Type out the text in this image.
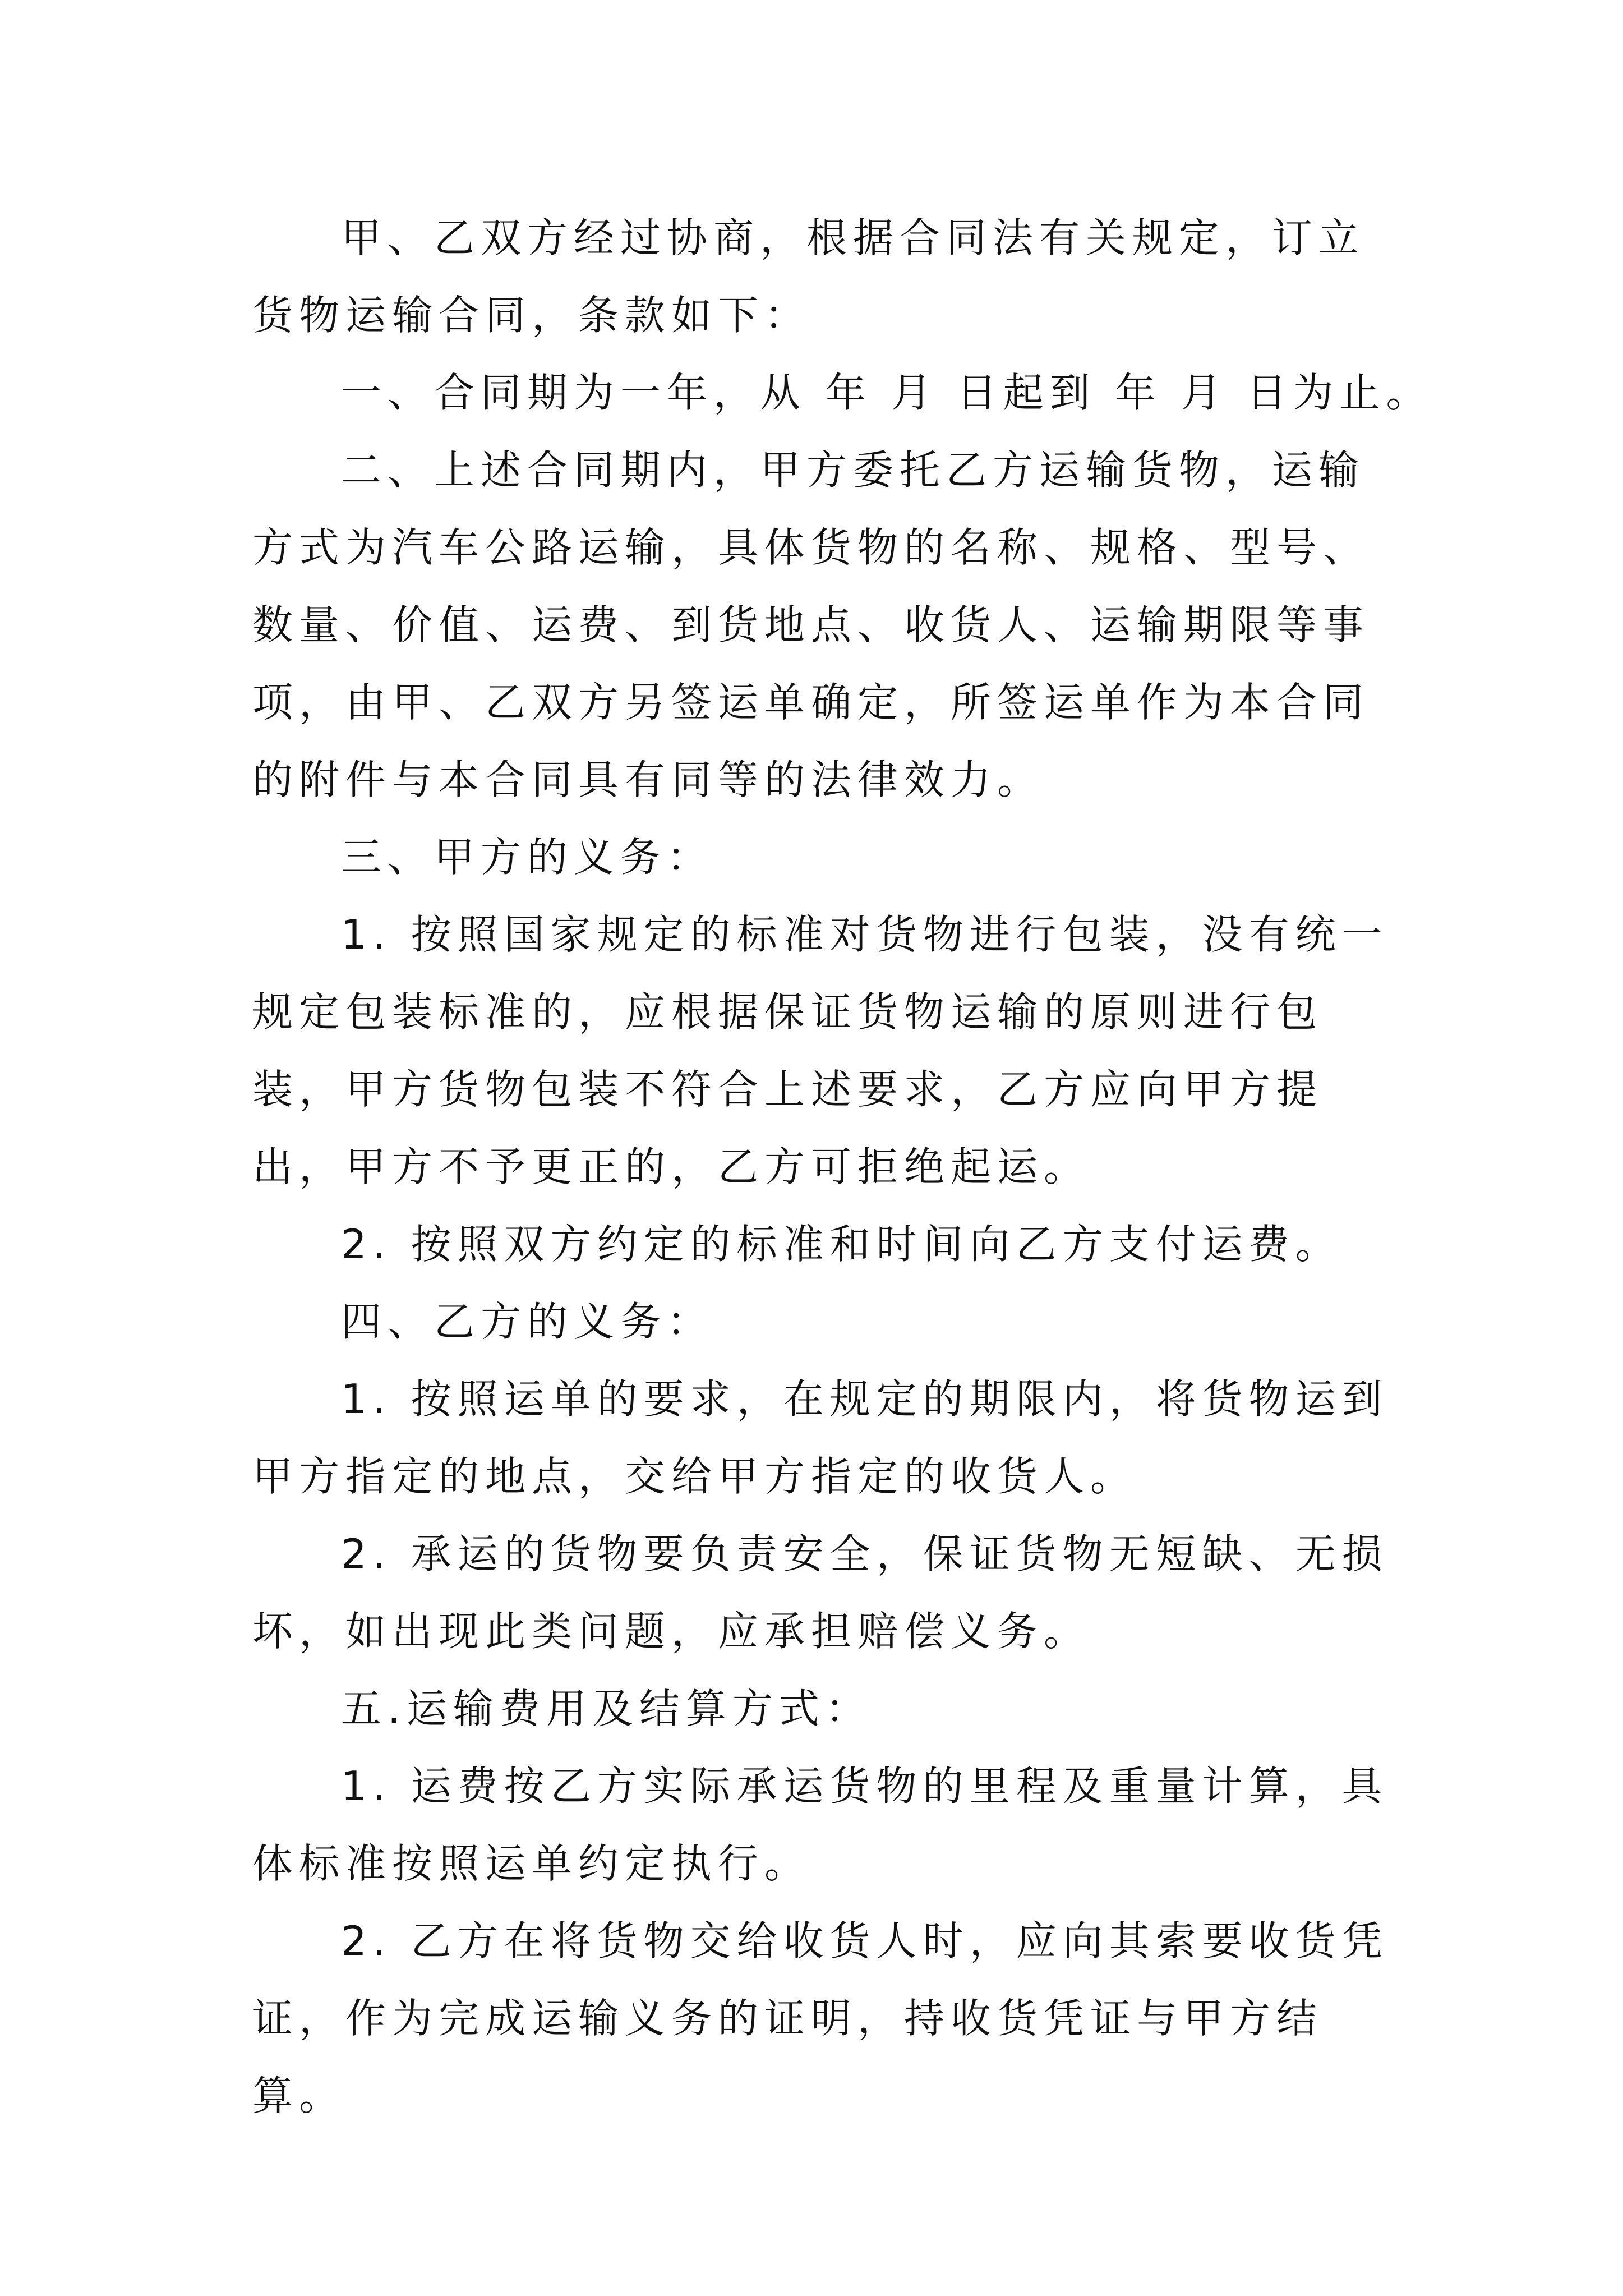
甲、乙双方经过协商，根据合同法有关规定，订立货物运输合同，条款如下：

一、合同期为一年，从 年 月 日起到 年 月 日为止。

二、上述合同期内，甲方委托乙方运输货物，运输方式为汽车公路运输，具体货物的名称、规格、型号、数量、价值、运费、到货地点、收货人、运输期限等事项，由甲、乙双方另签运单确定，所签运单作为本合同的附件与本合同具有同等的法律效力。

三、甲方的义务：

1. 按照国家规定的标准对货物进行包装，没有统一规定包装标准的，应根据保证货物运输的原则进行包装，甲方货物包装不符合上述要求，乙方应向甲方提出，甲方不予更正的，乙方可拒绝起运。

2. 按照双方约定的标准和时间向乙方支付运费。

四、乙方的义务：

1. 按照运单的要求，在规定的期限内，将货物运到甲方指定的地点，交给甲方指定的收货人。

2. 承运的货物要负责安全，保证货物无短缺、无损坏，如出现此类问题，应承担赔偿义务。

五.运输费用及结算方式：

1. 运费按乙方实际承运货物的里程及重量计算，具体标准按照运单约定执行。

2. 乙方在将货物交给收货人时，应向其索要收货凭证，作为完成运输义务的证明，持收货凭证与甲方结算。
